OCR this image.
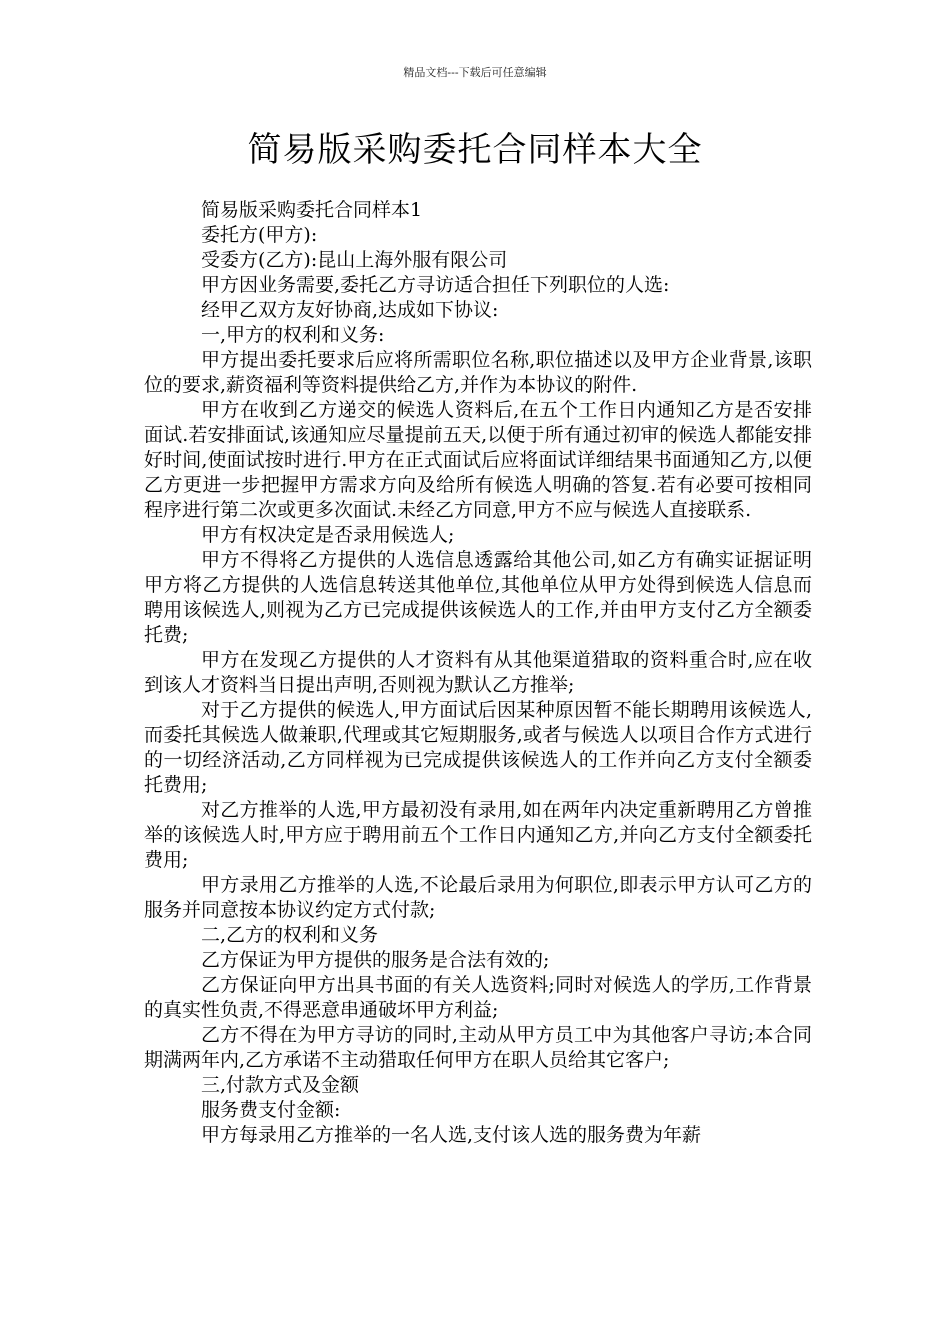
精品文档---下载后可任意编辑
简易版采购委托合同样本大全

简易版采购委托合同样本1

委托方(甲方):

受委方(乙方):昆山上海外服有限公司

甲方因业务需要,委托乙方寻访适合担任下列职位的人选:

经甲乙双方友好协商,达成如下协议:

一,甲方的权利和义务:

甲方提出委托要求后应将所需职位名称,职位描述以及甲方企业背景,该职位的要求,薪资福利等资料提供给乙方,并作为本协议的附件.

甲方在收到乙方递交的候选人资料后,在五个工作日内通知乙方是否安排面试.若安排面试,该通知应尽量提前五天,以便于所有通过初审的候选人都能安排好时间,使面试按时进行.甲方在正式面试后应将面试详细结果书面通知乙方,以便乙方更进一步把握甲方需求方向及给所有候选人明确的答复.若有必要可按相同程序进行第二次或更多次面试.未经乙方同意,甲方不应与候选人直接联系.

甲方有权决定是否录用候选人;

甲方不得将乙方提供的人选信息透露给其他公司,如乙方有确实证据证明甲方将乙方提供的人选信息转送其他单位,其他单位从甲方处得到候选人信息而聘用该候选人,则视为乙方已完成提供该候选人的工作,并由甲方支付乙方全额委托费;

甲方在发现乙方提供的人才资料有从其他渠道猎取的资料重合时,应在收到该人才资料当日提出声明,否则视为默认乙方推举;

对于乙方提供的候选人,甲方面试后因某种原因暂不能长期聘用该候选人,而委托其候选人做兼职,代理或其它短期服务,或者与候选人以项目合作方式进行的一切经济活动,乙方同样视为已完成提供该候选人的工作并向乙方支付全额委托费用;

对乙方推举的人选,甲方最初没有录用,如在两年内决定重新聘用乙方曾推举的该候选人时,甲方应于聘用前五个工作日内通知乙方,并向乙方支付全额委托费用;

甲方录用乙方推举的人选,不论最后录用为何职位,即表示甲方认可乙方的服务并同意按本协议约定方式付款;

二,乙方的权利和义务

乙方保证为甲方提供的服务是合法有效的;

乙方保证向甲方出具书面的有关人选资料;同时对候选人的学历,工作背景的真实性负责,不得恶意串通破坏甲方利益;

乙方不得在为甲方寻访的同时,主动从甲方员工中为其他客户寻访;本合同期满两年内,乙方承诺不主动猎取任何甲方在职人员给其它客户;

三,付款方式及金额

服务费支付金额:

甲方每录用乙方推举的一名人选,支付该人选的服务费为年薪
